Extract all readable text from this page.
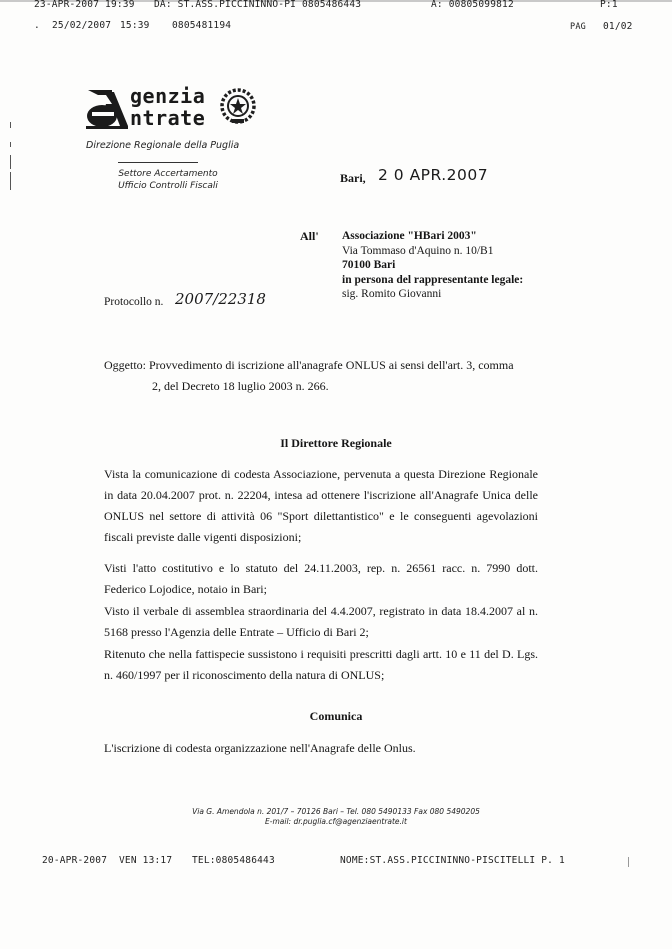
23-APR-2007 19:39 DA: ST.ASS.PICCININNO-PI 0805486443	A: 00805099812	P:1
. 25/02/2007 15:39 0805481194	PAG 01/02
genzia
ntrate
Direzione Regionale della Puglia
Settore Accertamento
Ufficio Controlli Fiscali
Bari, 2 0 APR.2007
All' Associazione "HBari 2003"
Via Tommaso d'Aquino n. 10/B1
70100 Bari
in persona del rappresentante legale:
sig. Romito Giovanni
Protocollo n. 2007/22318
Oggetto: Provvedimento di iscrizione all'anagrafe ONLUS ai sensi dell'art. 3, comma
2, del Decreto 18 luglio 2003 n. 266.
Il Direttore Regionale
Vista la comunicazione di codesta Associazione, pervenuta a questa Direzione Regionale in data 20.04.2007 prot. n. 22204, intesa ad ottenere l'iscrizione all'Anagrafe Unica delle ONLUS nel settore di attività 06 "Sport dilettantistico" e le conseguenti agevolazioni fiscali previste dalle vigenti disposizioni;
Visti l'atto costitutivo e lo statuto del 24.11.2003, rep. n. 26561 racc. n. 7990 dott. Federico Lojodice, notaio in Bari;
Visto il verbale di assemblea straordinaria del 4.4.2007, registrato in data 18.4.2007 al n. 5168 presso l'Agenzia delle Entrate – Ufficio di Bari 2;
Ritenuto che nella fattispecie sussistono i requisiti prescritti dagli artt. 10 e 11 del D. Lgs. n. 460/1997 per il riconoscimento della natura di ONLUS;
Comunica
L'iscrizione di codesta organizzazione nell'Anagrafe delle Onlus.
Via G. Amendola n. 201/7 – 70126 Bari – Tel. 080 5490133 Fax 080 5490205
E-mail: dr.puglia.cf@agenziaentrate.it
20-APR-2007 VEN 13:17 TEL:0805486443	NOME:ST.ASS.PICCININNO-PISCITELLI P. 1
